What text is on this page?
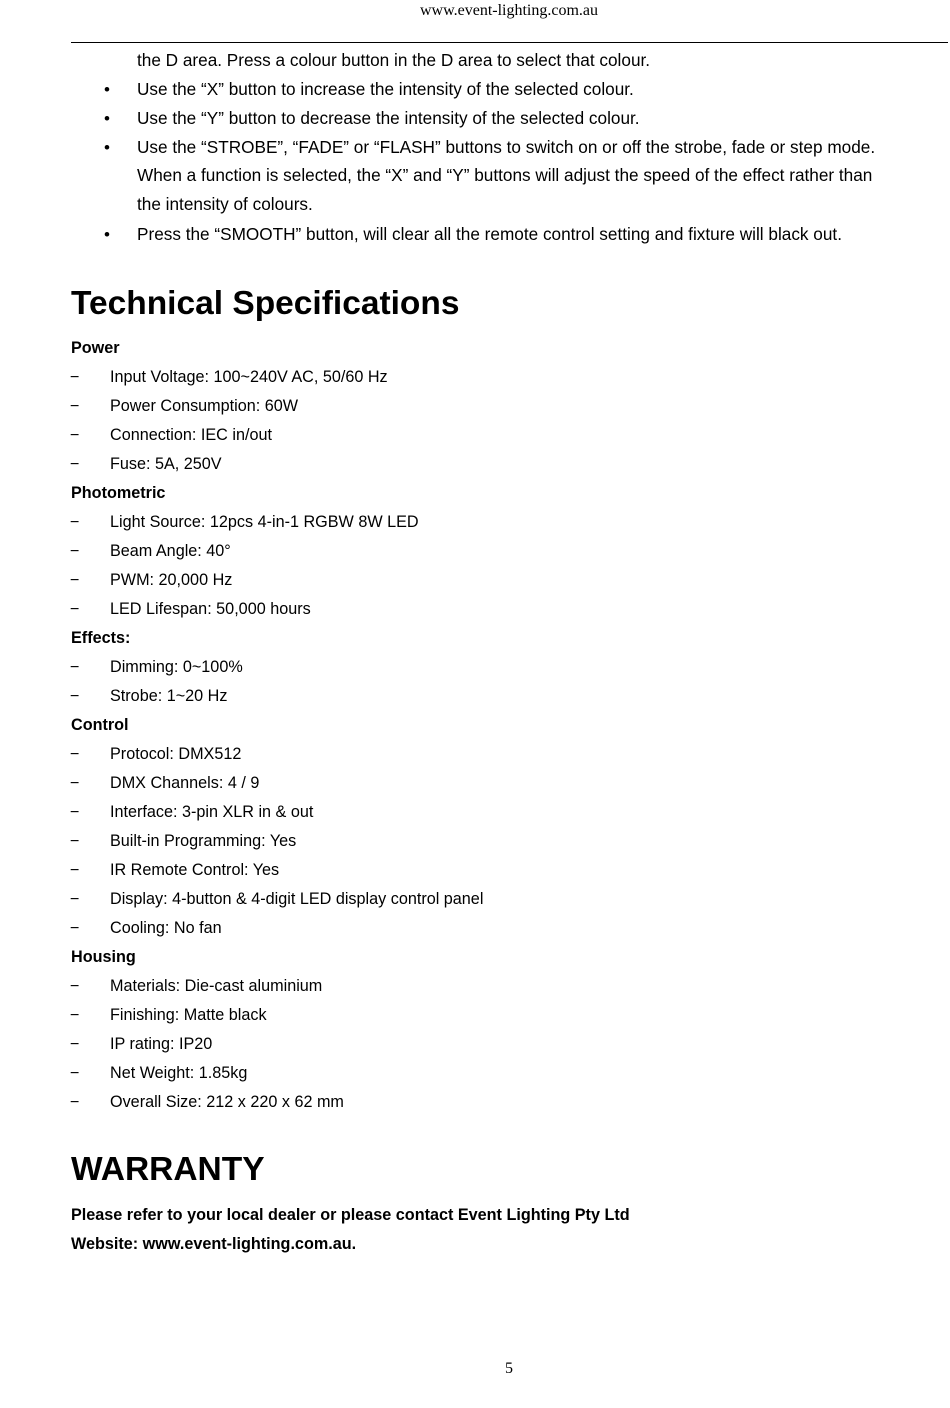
www.event-lighting.com.au
the D area. Press a colour button in the D area to select that colour.
• Use the “X” button to increase the intensity of the selected colour.
• Use the “Y” button to decrease the intensity of the selected colour.
• Use the “STROBE”, “FADE” or “FLASH” buttons to switch on or off the strobe, fade or step mode.
When a function is selected, the “X” and “Y” buttons will adjust the speed of the effect rather than
the intensity of colours.
• Press the “SMOOTH” button, will clear all the remote control setting and fixture will black out.
Technical Specifications
Power
− Input Voltage: 100~240V AC, 50/60 Hz
− Power Consumption: 60W
− Connection: IEC in/out
− Fuse: 5A, 250V
Photometric
− Light Source: 12pcs 4-in-1 RGBW 8W LED
− Beam Angle: 40°
− PWM: 20,000 Hz
− LED Lifespan: 50,000 hours
Effects:
− Dimming: 0~100%
− Strobe: 1~20 Hz
Control
− Protocol: DMX512
− DMX Channels: 4 / 9
− Interface: 3-pin XLR in & out
− Built-in Programming: Yes
− IR Remote Control: Yes
− Display: 4-button & 4-digit LED display control panel
− Cooling: No fan
Housing
− Materials: Die-cast aluminium
− Finishing: Matte black
− IP rating: IP20
− Net Weight: 1.85kg
− Overall Size: 212 x 220 x 62 mm
WARRANTY
Please refer to your local dealer or please contact Event Lighting Pty Ltd
Website: www.event-lighting.com.au.
5
